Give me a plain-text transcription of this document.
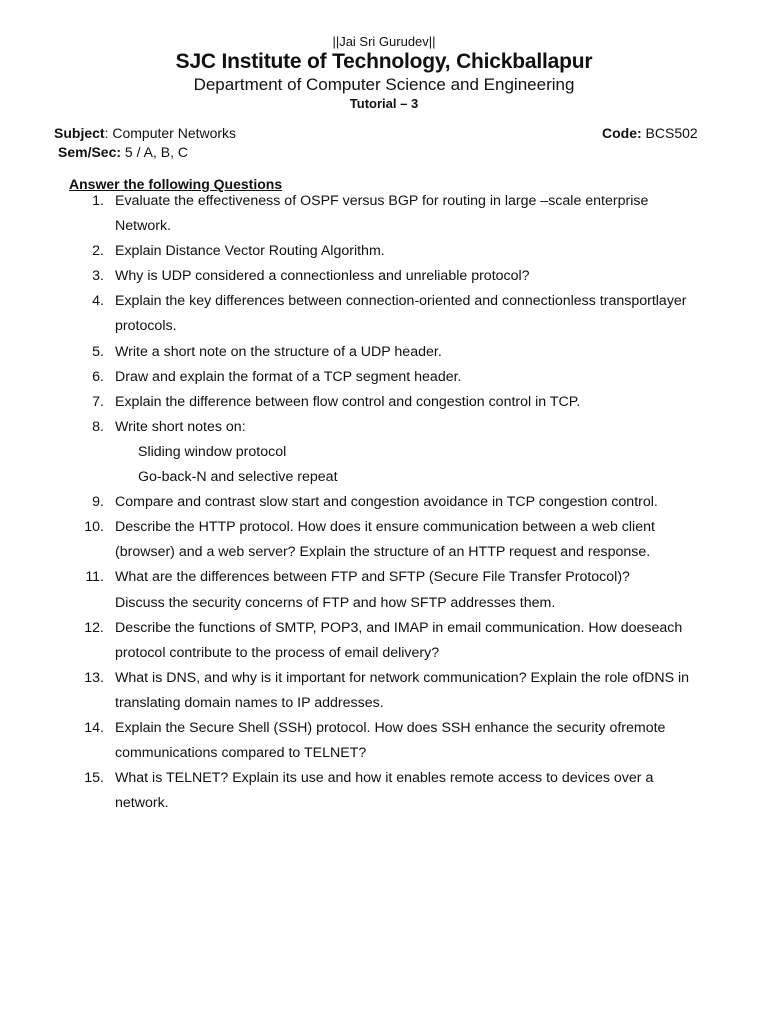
||Jai Sri Gurudev||
SJC Institute of Technology, Chickballapur
Department of Computer Science and Engineering
Tutorial – 3
Subject: Computer Networks	Code: BCS502
Sem/Sec: 5 / A, B, C
Answer the following Questions
1. Evaluate the effectiveness of OSPF versus BGP for routing in large –scale enterprise
Network.
2. Explain Distance Vector Routing Algorithm.
3. Why is UDP considered a connectionless and unreliable protocol?
4. Explain the key differences between connection-oriented and connectionless transportlayer
protocols.
5. Write a short note on the structure of a UDP header.
6. Draw and explain the format of a TCP segment header.
7. Explain the difference between flow control and congestion control in TCP.
8. Write short notes on:
Sliding window protocol
Go-back-N and selective repeat
9. Compare and contrast slow start and congestion avoidance in TCP congestion control.
10. Describe the HTTP protocol. How does it ensure communication between a web client
(browser) and a web server? Explain the structure of an HTTP request and response.
11. What are the differences between FTP and SFTP (Secure File Transfer Protocol)?
Discuss the security concerns of FTP and how SFTP addresses them.
12. Describe the functions of SMTP, POP3, and IMAP in email communication. How doeseach
protocol contribute to the process of email delivery?
13. What is DNS, and why is it important for network communication? Explain the role ofDNS in
translating domain names to IP addresses.
14. Explain the Secure Shell (SSH) protocol. How does SSH enhance the security ofremote
communications compared to TELNET?
15. What is TELNET? Explain its use and how it enables remote access to devices over a
network.
